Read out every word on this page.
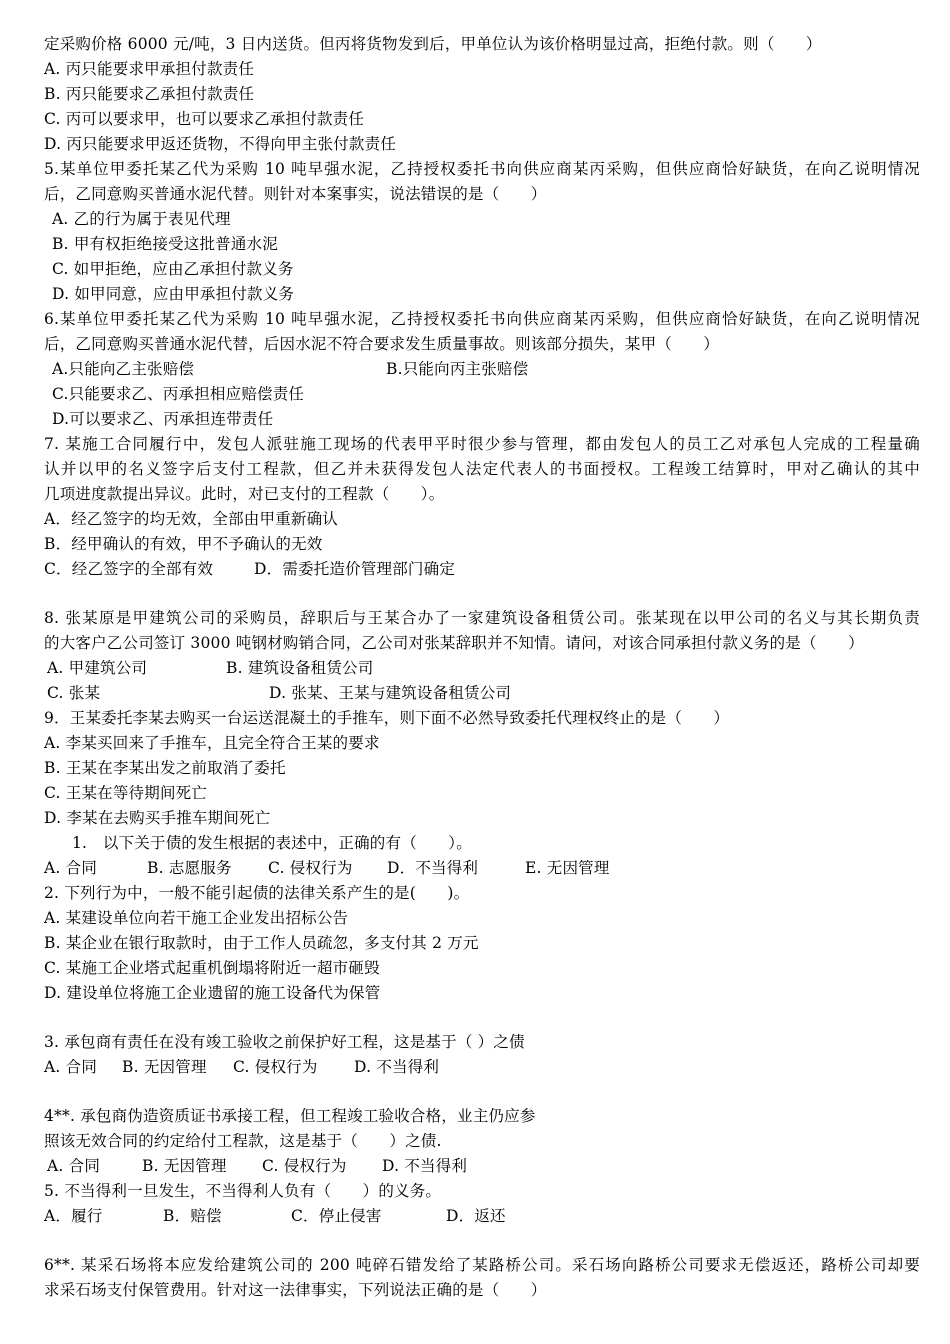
定采购价格 6000 元/吨，3 日内送货。但丙将货物发到后，甲单位认为该价格明显过高，拒绝付款。则（　　）
A. 丙只能要求甲承担付款责任
B. 丙只能要求乙承担付款责任
C. 丙可以要求甲，也可以要求乙承担付款责任
D. 丙只能要求甲返还货物，不得向甲主张付款责任
5.某单位甲委托某乙代为采购 10 吨早强水泥，乙持授权委托书向供应商某丙采购，但供应商恰好缺货，在向乙说明情况
后，乙同意购买普通水泥代替。则针对本案事实，说法错误的是（　　）
A. 乙的行为属于表见代理
B. 甲有权拒绝接受这批普通水泥
C. 如甲拒绝，应由乙承担付款义务
D. 如甲同意，应由甲承担付款义务
6.某单位甲委托某乙代为采购 10 吨早强水泥，乙持授权委托书向供应商某丙采购，但供应商恰好缺货，在向乙说明情况
后，乙同意购买普通水泥代替，后因水泥不符合要求发生质量事故。则该部分损失，某甲（　　）
A.只能向乙主张赔偿	B.只能向丙主张赔偿
C.只能要求乙、丙承担相应赔偿责任
D.可以要求乙、丙承担连带责任
7. 某施工合同履行中，发包人派驻施工现场的代表甲平时很少参与管理，都由发包人的员工乙对承包人完成的工程量确
认并以甲的名义签字后支付工程款，但乙并未获得发包人法定代表人的书面授权。工程竣工结算时，甲对乙确认的其中
几项进度款提出异议。此时，对已支付的工程款（　　）。
A．经乙签字的均无效，全部由甲重新确认
B．经甲确认的有效，甲不予确认的无效
C．经乙签字的全部有效	D．需委托造价管理部门确定
8. 张某原是甲建筑公司的采购员，辞职后与王某合办了一家建筑设备租赁公司。张某现在以甲公司的名义与其长期负责
的大客户乙公司签订 3000 吨钢材购销合同，乙公司对张某辞职并不知情。请问，对该合同承担付款义务的是（　　）
A. 甲建筑公司	B. 建筑设备租赁公司
C. 张某	D. 张某、王某与建筑设备租赁公司
9．王某委托李某去购买一台运送混凝土的手推车，则下面不必然导致委托代理权终止的是（　　）
A. 李某买回来了手推车，且完全符合王某的要求
B. 王某在李某出发之前取消了委托
C. 王某在等待期间死亡
D. 李某在去购买手推车期间死亡
1.　以下关于债的发生根据的表述中，正确的有（　　）。
A. 合同	B. 志愿服务 C. 侵权行为 D．不当得利	E. 无因管理
2. 下列行为中，一般不能引起债的法律关系产生的是(　　)。
A. 某建设单位向若干施工企业发出招标公告
B. 某企业在银行取款时，由于工作人员疏忽，多支付其 2 万元
C. 某施工企业塔式起重机倒塌将附近一超市砸毁
D. 建设单位将施工企业遗留的施工设备代为保管
3. 承包商有责任在没有竣工验收之前保护好工程，这是基于（ ）之债
A. 合同 B. 无因管理 C. 侵权行为 D. 不当得利
4**. 承包商伪造资质证书承接工程，但工程竣工验收合格，业主仍应参
照该无效合同的约定给付工程款，这是基于（　　）之债.
A. 合同	B. 无因管理 C. 侵权行为 D. 不当得利
5. 不当得利一旦发生，不当得利人负有（　　）的义务。
A．履行	B．赔偿	C．停止侵害	D．返还
6**. 某采石场将本应发给建筑公司的 200 吨碎石错发给了某路桥公司。采石场向路桥公司要求无偿返还，路桥公司却要
求采石场支付保管费用。针对这一法律事实，下列说法正确的是（　　）
